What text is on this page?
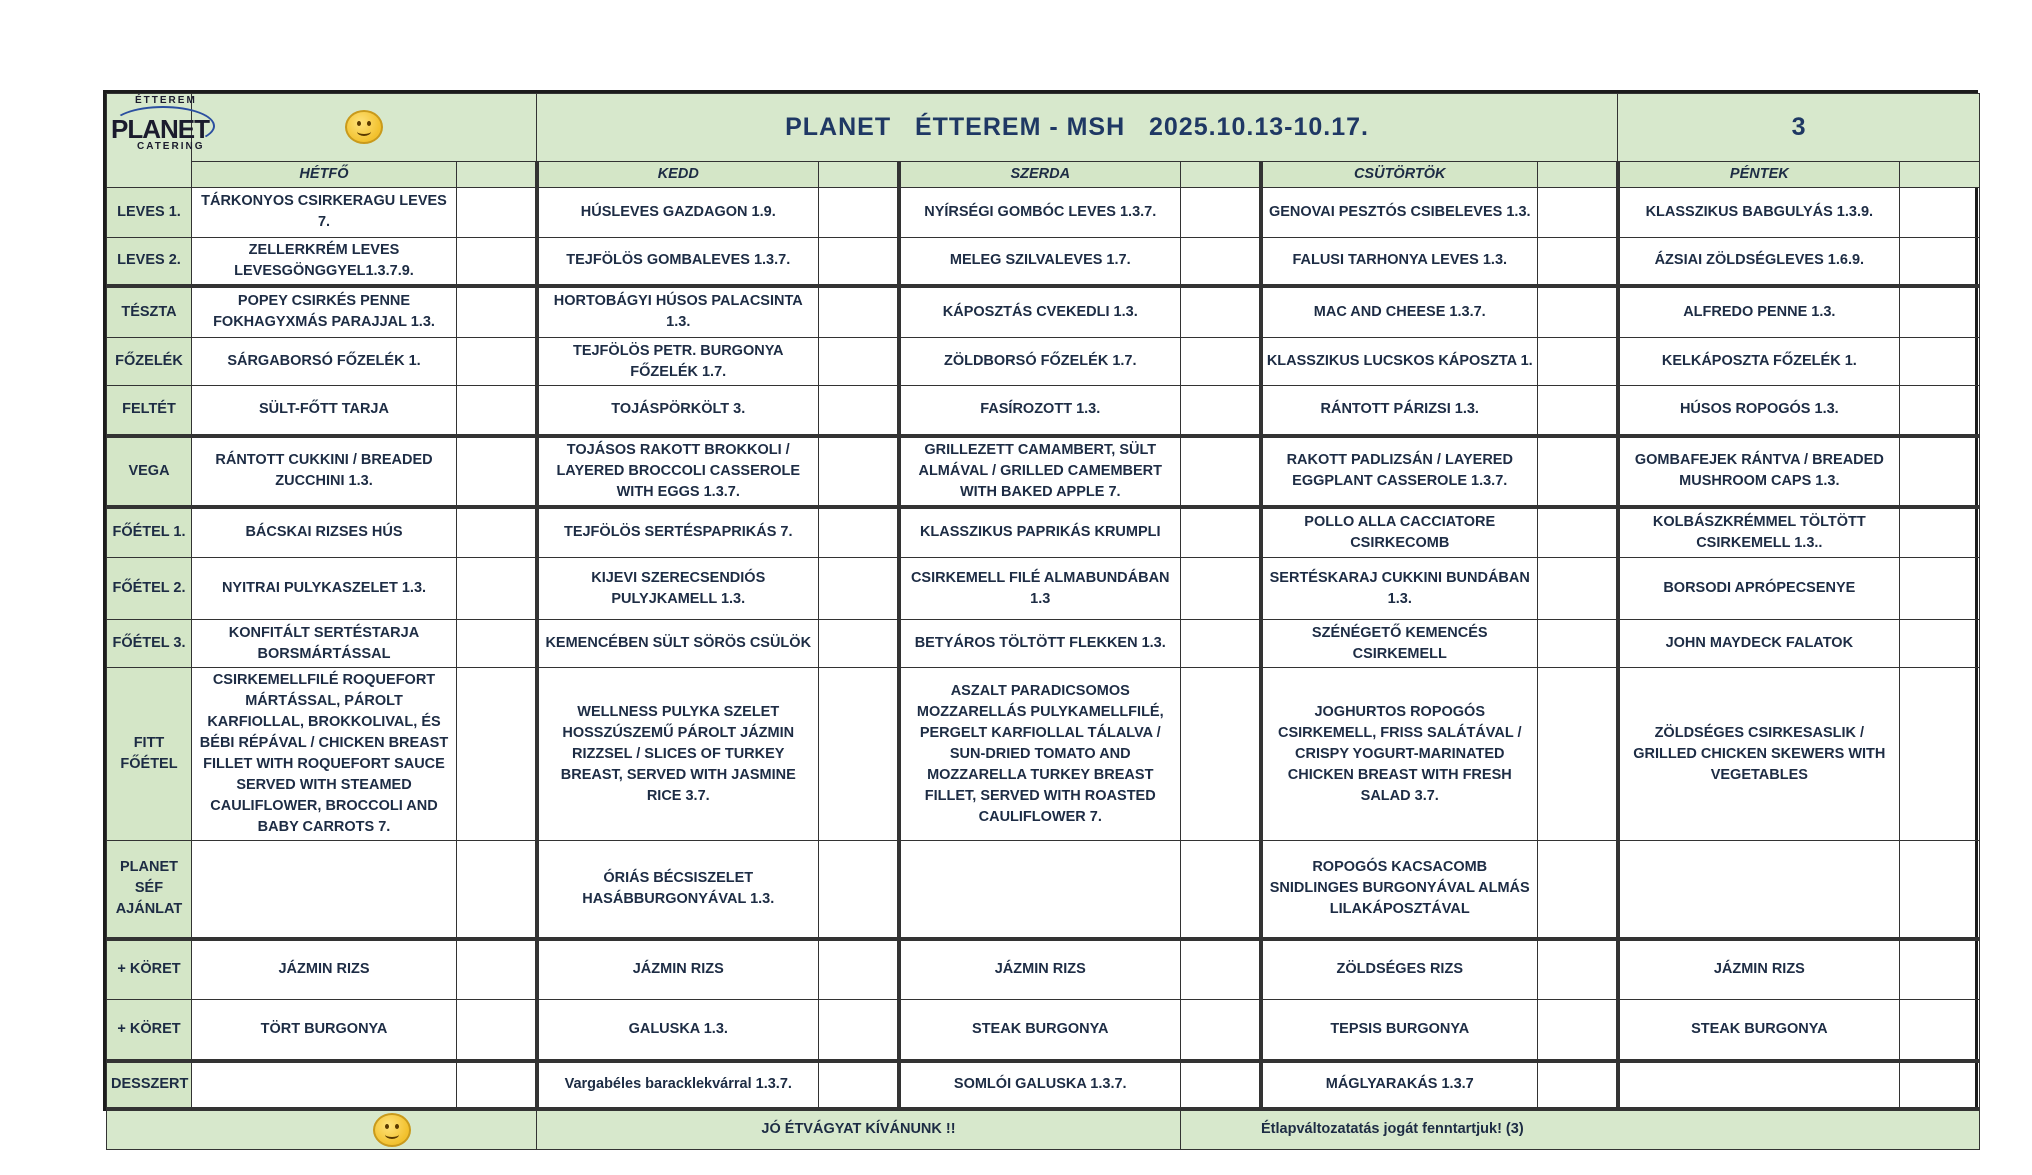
ÉTTEREM
PLANET
CATERING			PLANET   ÉTTEREM - MSH   2025.10.13-10.17.						3	
	HÉTFŐ		KEDD		SZERDA		CSÜTÖRTÖK		PÉNTEK	
LEVES 1.	TÁRKONYOS CSIRKERAGU LEVES 7.		HÚSLEVES GAZDAGON 1.9.		NYÍRSÉGI GOMBÓC LEVES 1.3.7.		GENOVAI PESZTÓS CSIBELEVES 1.3.		KLASSZIKUS BABGULYÁS 1.3.9.	
LEVES 2.	ZELLERKRÉM LEVES LEVESGÖNGGYEL1.3.7.9.		TEJFÖLÖS GOMBALEVES 1.3.7.		MELEG SZILVALEVES 1.7.		FALUSI TARHONYA LEVES 1.3.		ÁZSIAI ZÖLDSÉGLEVES 1.6.9.	
TÉSZTA	POPEY CSIRKÉS PENNE FOKHAGYXMÁS PARAJJAL 1.3.		HORTOBÁGYI HÚSOS PALACSINTA 1.3.		KÁPOSZTÁS CVEKEDLI 1.3.		MAC AND CHEESE 1.3.7.		ALFREDO PENNE 1.3.	
FŐZELÉK	SÁRGABORSÓ FŐZELÉK 1.		TEJFÖLÖS PETR. BURGONYA FŐZELÉK 1.7.		ZÖLDBORSÓ FŐZELÉK 1.7.		KLASSZIKUS LUCSKOS KÁPOSZTA 1.		KELKÁPOSZTA FŐZELÉK 1.	
FELTÉT	SÜLT-FŐTT TARJA		TOJÁSPÖRKÖLT 3.		FASÍROZOTT 1.3.		RÁNTOTT PÁRIZSI 1.3.		HÚSOS ROPOGÓS 1.3.	
VEGA	RÁNTOTT CUKKINI / BREADED ZUCCHINI 1.3.		TOJÁSOS RAKOTT BROKKOLI / LAYERED BROCCOLI CASSEROLE WITH EGGS 1.3.7.		GRILLEZETT CAMAMBERT, SÜLT ALMÁVAL / GRILLED CAMEMBERT WITH BAKED APPLE 7.		RAKOTT PADLIZSÁN / LAYERED EGGPLANT CASSEROLE 1.3.7.		GOMBAFEJEK RÁNTVA / BREADED MUSHROOM CAPS 1.3.	
FŐÉTEL 1.	BÁCSKAI RIZSES HÚS		TEJFÖLÖS SERTÉSPAPRIKÁS 7.		KLASSZIKUS PAPRIKÁS KRUMPLI		POLLO ALLA CACCIATORE CSIRKECOMB		KOLBÁSZKRÉMMEL TÖLTÖTT CSIRKEMELL 1.3..	
FŐÉTEL 2.	NYITRAI PULYKASZELET 1.3.		KIJEVI SZERECSENDIÓS PULYJKAMELL 1.3.		CSIRKEMELL FILÉ ALMABUNDÁBAN 1.3		SERTÉSKARAJ CUKKINI BUNDÁBAN 1.3.		BORSODI APRÓPECSENYE	
FŐÉTEL 3.	KONFITÁLT SERTÉSTARJA BORSMÁRTÁSSAL		KEMENCÉBEN SÜLT SÖRÖS CSÜLÖK		BETYÁROS TÖLTÖTT FLEKKEN 1.3.		SZÉNÉGETŐ KEMENCÉS CSIRKEMELL		JOHN MAYDECK FALATOK	
FITT FŐÉTEL	CSIRKEMELLFILÉ ROQUEFORT MÁRTÁSSAL, PÁROLT KARFIOLLAL, BROKKOLIVAL, ÉS BÉBI RÉPÁVAL / CHICKEN BREAST FILLET WITH ROQUEFORT SAUCE SERVED WITH STEAMED CAULIFLOWER, BROCCOLI AND BABY CARROTS 7.		WELLNESS PULYKA SZELET HOSSZÚSZEMŰ PÁROLT JÁZMIN RIZZSEL / SLICES OF TURKEY BREAST, SERVED WITH JASMINE RICE 3.7.		ASZALT PARADICSOMOS MOZZARELLÁS PULYKAMELLFILÉ, PERGELT KARFIOLLAL TÁLALVA / SUN-DRIED TOMATO AND MOZZARELLA TURKEY BREAST FILLET, SERVED WITH ROASTED CAULIFLOWER 7.		JOGHURTOS ROPOGÓS CSIRKEMELL, FRISS SALÁTÁVAL / CRISPY YOGURT-MARINATED CHICKEN BREAST WITH FRESH SALAD 3.7.		ZÖLDSÉGES CSIRKESASLIK / GRILLED CHICKEN SKEWERS WITH VEGETABLES	
PLANET SÉF AJÁNLAT			ÓRIÁS BÉCSISZELET HASÁBBURGONYÁVAL 1.3.				ROPOGÓS KACSACOMB SNIDLINGES BURGONYÁVAL ALMÁS LILAKÁPOSZTÁVAL			
+ KÖRET	JÁZMIN RIZS		JÁZMIN RIZS		JÁZMIN RIZS		ZÖLDSÉGES RIZS		JÁZMIN RIZS	
+ KÖRET	TÖRT BURGONYA		GALUSKA 1.3.		STEAK BURGONYA		TEPSIS BURGONYA		STEAK BURGONYA	
DESSZERT			Vargabéles baracklekvárral 1.3.7.		SOMLÓI GALUSKA 1.3.7.		MÁGLYARAKÁS 1.3.7			

			JÓ ÉTVÁGYAT KÍVÁNUNK !!			Étlapváltozatatás jogát fenntartjuk! (3)				
